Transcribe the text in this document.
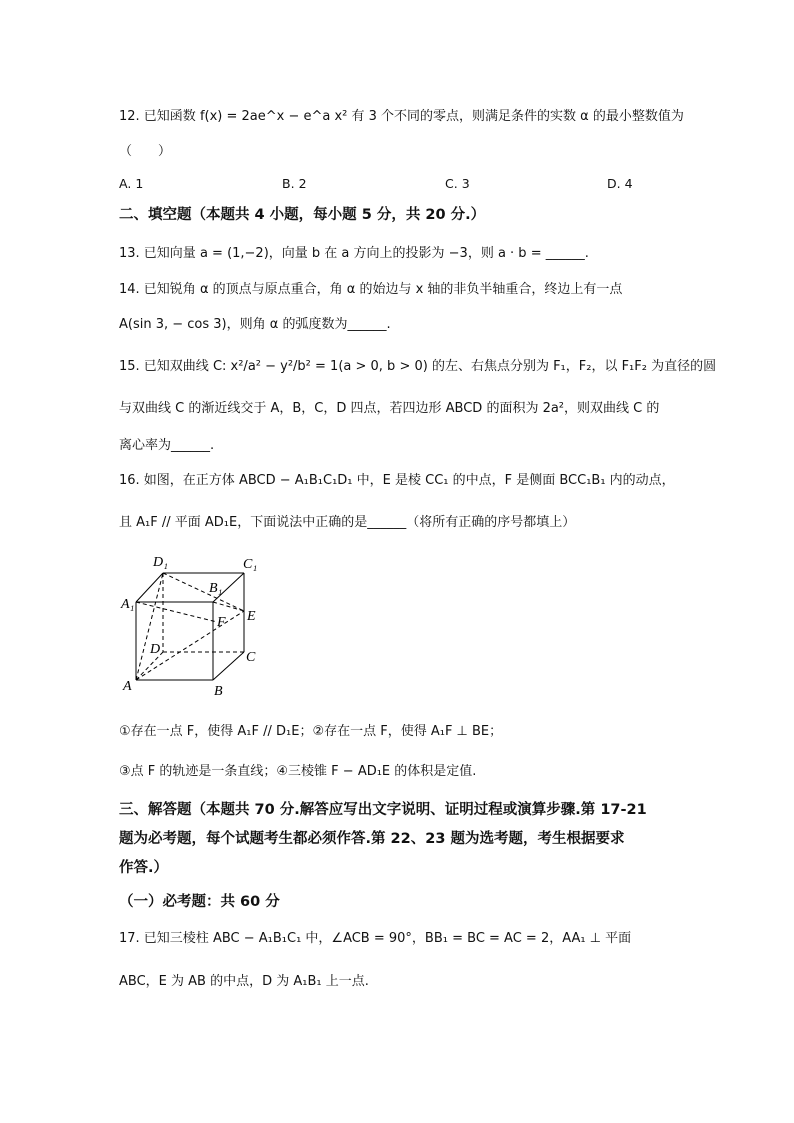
12. 已知函数 f(x) = 2ae^x − e^a x² 有 3 个不同的零点，则满足条件的实数 α 的最小整数值为
（　　）
A. 1	B. 2	C. 3	D. 4
二、填空题（本题共 4 小题，每小题 5 分，共 20 分.）
13. 已知向量 a = (1,−2)，向量 b 在 a 方向上的投影为 −3，则 a · b = ______.
14. 已知锐角 α 的顶点与原点重合，角 α 的始边与 x 轴的非负半轴重合，终边上有一点
A(sin 3, − cos 3)，则角 α 的弧度数为______.
15. 已知双曲线 C: x²/a² − y²/b² = 1(a > 0, b > 0) 的左、右焦点分别为 F₁，F₂，以 F₁F₂ 为直径的圆
与双曲线 C 的渐近线交于 A，B，C，D 四点，若四边形 ABCD 的面积为 2a²，则双曲线 C 的
离心率为______.
16. 如图，在正方体 ABCD − A₁B₁C₁D₁ 中，E 是棱 CC₁ 的中点，F 是侧面 BCC₁B₁ 内的动点，
且 A₁F // 平面 AD₁E，下面说法中正确的是______（将所有正确的序号都填上）
D₁	C₁
B₁
A₁
E
F
D
C
A	B
①存在一点 F，使得 A₁F // D₁E；②存在一点 F，使得 A₁F ⊥ BE；
③点 F 的轨迹是一条直线；④三棱锥 F − AD₁E 的体积是定值.
三、解答题（本题共 70 分.解答应写出文字说明、证明过程或演算步骤.第 17-21
题为必考题，每个试题考生都必须作答.第 22、23 题为选考题，考生根据要求
作答.）
（一）必考题：共 60 分
17. 已知三棱柱 ABC − A₁B₁C₁ 中，∠ACB = 90°，BB₁ = BC = AC = 2，AA₁ ⊥ 平面
ABC，E 为 AB 的中点，D 为 A₁B₁ 上一点.
